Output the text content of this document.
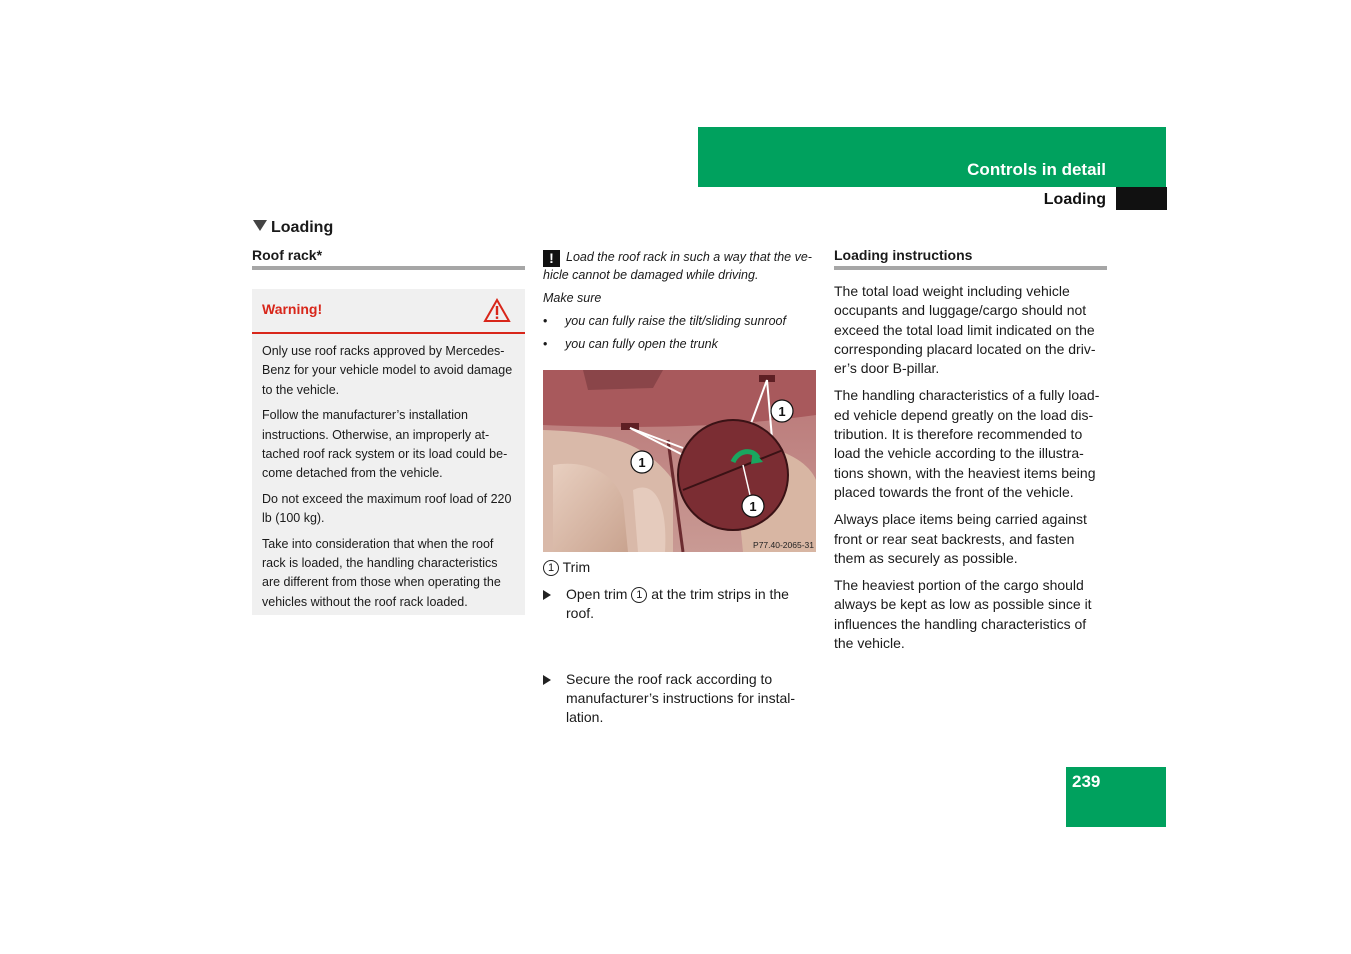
Controls in detail
Loading
Loading
Roof rack*
Warning!

Only use roof racks approved by Mercedes-Benz for your vehicle model to avoid damage to the vehicle.

Follow the manufacturer’s installation instructions. Otherwise, an improperly at-tached roof rack system or its load could be-come detached from the vehicle.

Do not exceed the maximum roof load of 220 lb (100 kg).

Take into consideration that when the roof rack is loaded, the handling characteristics are different from those when operating the vehicles without the roof rack loaded.

! Load the roof rack in such a way that the ve-hicle cannot be damaged while driving.
Make sure
• you can fully raise the tilt/sliding sunroof
• you can fully open the trunk
1
1
1
P77.40-2065-31
1 Trim
Open trim 1 at the trim strips in the roof.
Secure the roof rack according to manufacturer’s instructions for instal-lation.
Loading instructions

The total load weight including vehicle occupants and luggage/cargo should not exceed the total load limit indicated on the corresponding placard located on the driv-er’s door B-pillar.

The handling characteristics of a fully load-ed vehicle depend greatly on the load dis-tribution. It is therefore recommended to load the vehicle according to the illustra-tions shown, with the heaviest items being placed towards the front of the vehicle.

Always place items being carried against front or rear seat backrests, and fasten them as securely as possible.

The heaviest portion of the cargo should always be kept as low as possible since it influences the handling characteristics of the vehicle.

239
